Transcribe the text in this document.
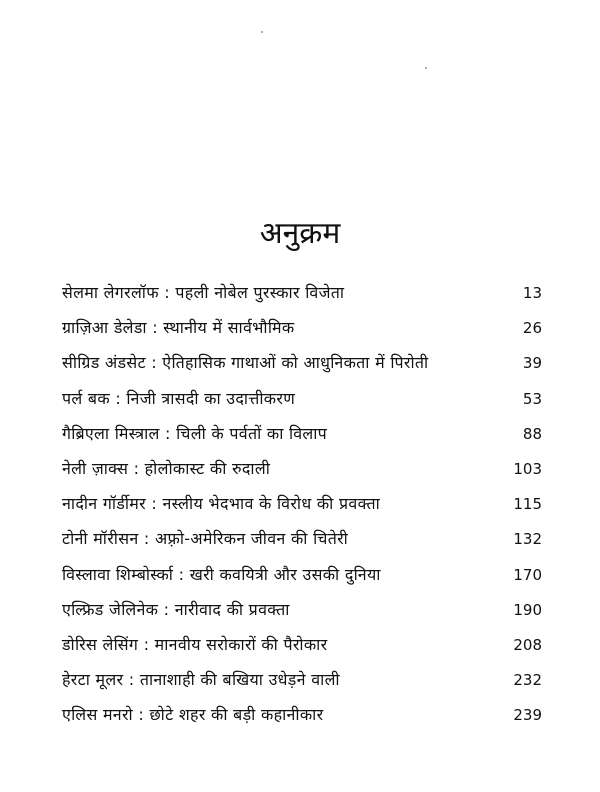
अनुक्रम
सेलमा लेगरलॉफ : पहली नोबेल पुरस्कार विजेता	13
ग्राज़िआ डेलेडा : स्थानीय में सार्वभौमिक	26
सीग्रिड अंडसेट : ऐतिहासिक गाथाओं को आधुनिकता में पिरोती	39
पर्ल बक : निजी त्रासदी का उदात्तीकरण	53
गैब्रिएला मिस्त्राल : चिली के पर्वतों का विलाप	88
नेली ज़ाक्स : होलोकास्ट की रुदाली	103
नादीन गॉर्डीमर : नस्लीय भेदभाव के विरोध की प्रवक्ता	115
टोनी मॉरीसन : अफ़्रो-अमेरिकन जीवन की चितेरी	132
विस्लावा शिम्बोर्स्का : खरी कवयित्री और उसकी दुनिया	170
एल्फ्रिड जेलिनेक : नारीवाद की प्रवक्ता	190
डोरिस लेसिंग : मानवीय सरोकारों की पैरोकार	208
हेरटा मूलर : तानाशाही की बखिया उधेड़ने वाली	232
एलिस मनरो : छोटे शहर की बड़ी कहानीकार	239
